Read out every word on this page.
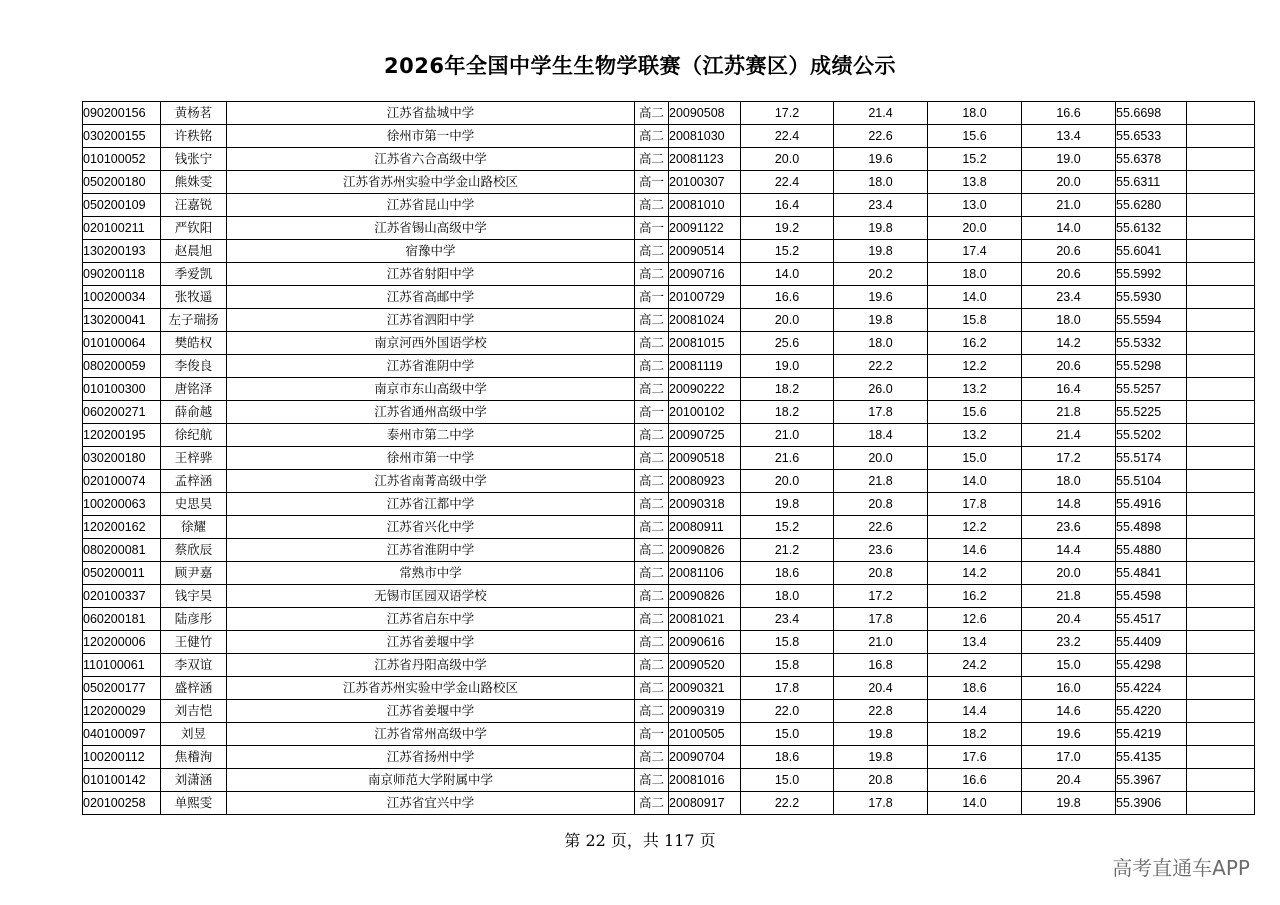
2026年全国中学生生物学联赛（江苏赛区）成绩公示
090200156	黄杨茗	江苏省盐城中学	高二	20090508	17.2	21.4	18.0	16.6	55.6698	
030200155	许秩铭	徐州市第一中学	高二	20081030	22.4	22.6	15.6	13.4	55.6533	
010100052	钱张宁	江苏省六合高级中学	高二	20081123	20.0	19.6	15.2	19.0	55.6378	
050200180	熊姝雯	江苏省苏州实验中学金山路校区	高一	20100307	22.4	18.0	13.8	20.0	55.6311	
050200109	汪嘉锐	江苏省昆山中学	高二	20081010	16.4	23.4	13.0	21.0	55.6280	
020100211	严钦阳	江苏省锡山高级中学	高一	20091122	19.2	19.8	20.0	14.0	55.6132	
130200193	赵晨旭	宿豫中学	高二	20090514	15.2	19.8	17.4	20.6	55.6041	
090200118	季爱凯	江苏省射阳中学	高二	20090716	14.0	20.2	18.0	20.6	55.5992	
100200034	张牧遥	江苏省高邮中学	高一	20100729	16.6	19.6	14.0	23.4	55.5930	
130200041	左子瑞扬	江苏省泗阳中学	高二	20081024	20.0	19.8	15.8	18.0	55.5594	
010100064	樊皓权	南京河西外国语学校	高二	20081015	25.6	18.0	16.2	14.2	55.5332	
080200059	李俊良	江苏省淮阴中学	高二	20081119	19.0	22.2	12.2	20.6	55.5298	
010100300	唐铭泽	南京市东山高级中学	高二	20090222	18.2	26.0	13.2	16.4	55.5257	
060200271	薛俞越	江苏省通州高级中学	高一	20100102	18.2	17.8	15.6	21.8	55.5225	
120200195	徐纪航	泰州市第二中学	高二	20090725	21.0	18.4	13.2	21.4	55.5202	
030200180	王梓骅	徐州市第一中学	高二	20090518	21.6	20.0	15.0	17.2	55.5174	
020100074	孟梓涵	江苏省南菁高级中学	高二	20080923	20.0	21.8	14.0	18.0	55.5104	
100200063	史思昊	江苏省江都中学	高二	20090318	19.8	20.8	17.8	14.8	55.4916	
120200162	徐耀	江苏省兴化中学	高二	20080911	15.2	22.6	12.2	23.6	55.4898	
080200081	蔡欣辰	江苏省淮阴中学	高二	20090826	21.2	23.6	14.6	14.4	55.4880	
050200011	顾尹嘉	常熟市中学	高二	20081106	18.6	20.8	14.2	20.0	55.4841	
020100337	钱宇昊	无锡市匡园双语学校	高二	20090826	18.0	17.2	16.2	21.8	55.4598	
060200181	陆彦彤	江苏省启东中学	高二	20081021	23.4	17.8	12.6	20.4	55.4517	
120200006	王健竹	江苏省姜堰中学	高二	20090616	15.8	21.0	13.4	23.2	55.4409	
110100061	李双谊	江苏省丹阳高级中学	高二	20090520	15.8	16.8	24.2	15.0	55.4298	
050200177	盛梓涵	江苏省苏州实验中学金山路校区	高二	20090321	17.8	20.4	18.6	16.0	55.4224	
120200029	刘吉恺	江苏省姜堰中学	高二	20090319	22.0	22.8	14.4	14.6	55.4220	
040100097	刘昱	江苏省常州高级中学	高一	20100505	15.0	19.8	18.2	19.6	55.4219	
100200112	焦稽洵	江苏省扬州中学	高二	20090704	18.6	19.8	17.6	17.0	55.4135	
010100142	刘潇涵	南京师范大学附属中学	高二	20081016	15.0	20.8	16.6	20.4	55.3967	
020100258	单熙雯	江苏省宜兴中学	高二	20080917	22.2	17.8	14.0	19.8	55.3906	
第 22 页，共 117 页
高考直通车APP
